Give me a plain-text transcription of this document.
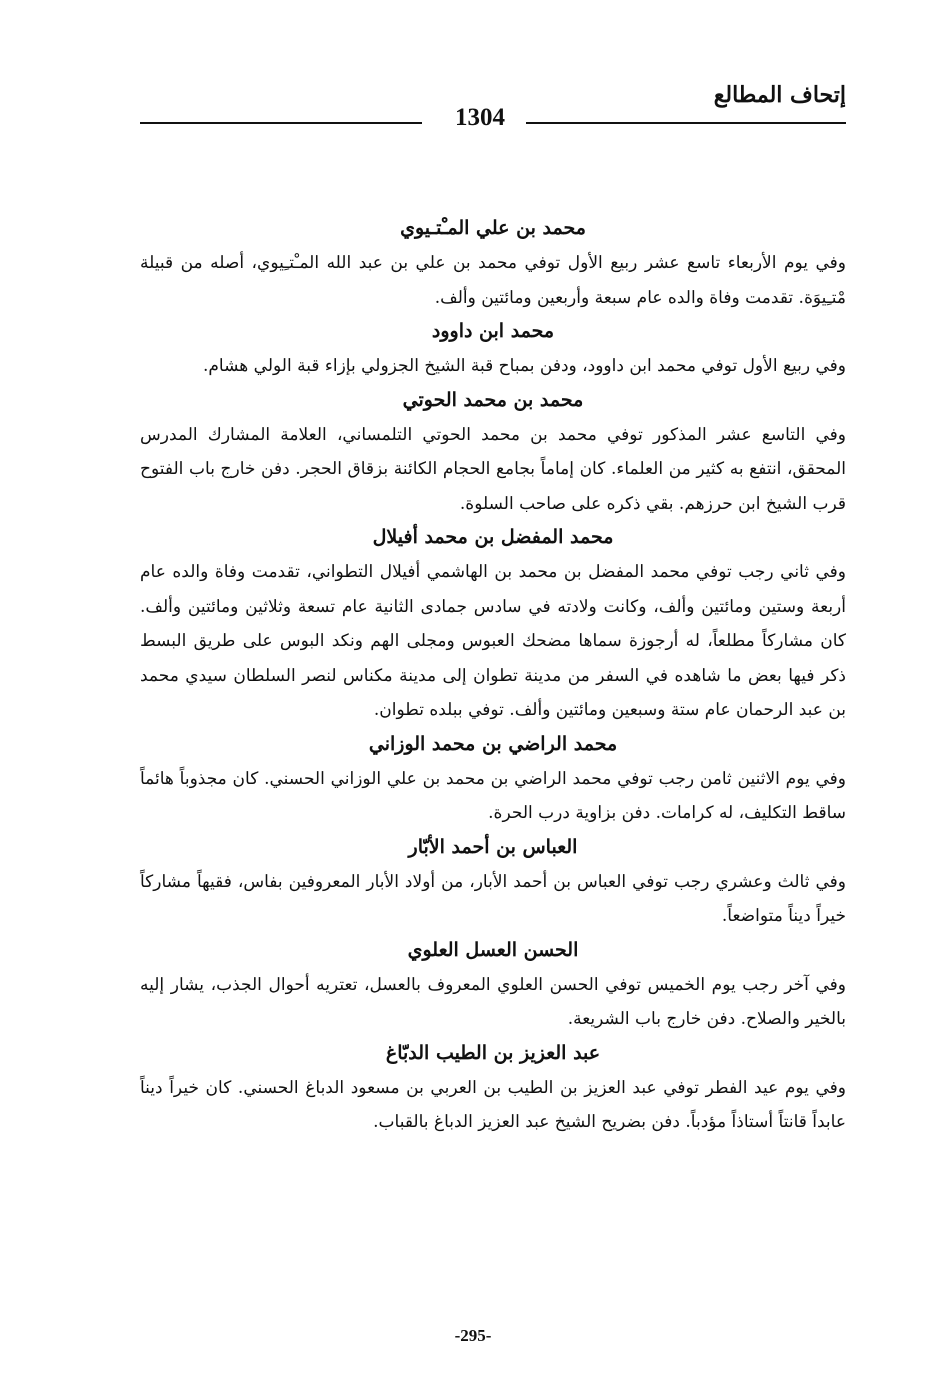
إتحاف المطالع
1304
محمد بن علي المـْتـيوي

وفي يوم الأربعاء تاسع عشر ربيع الأول توفي محمد بن علي بن عبد الله المـْتـِيوي، أصله من قبيلة مْتـِيوَة. تقدمت وفاة والده عام سبعة وأربعين ومائتين وألف.

محمد ابن داوود

وفي ربيع الأول توفي محمد ابن داوود، ودفن بمباح قبة الشيخ الجزولي بإزاء قبة الولي هشام.

محمد بن محمد الحوتي

وفي التاسع عشر المذكور توفي محمد بن محمد الحوتي التلمساني، العلامة المشارك المدرس المحقق، انتفع به كثير من العلماء. كان إماماً بجامع الحجام الكائنة بزقاق الحجر. دفن خارج باب الفتوح قرب الشيخ ابن حرزهم. بقي ذكره على صاحب السلوة.

محمد المفضل بن محمد أفيلال

وفي ثاني رجب توفي محمد المفضل بن محمد بن الهاشمي أفيلال التطواني، تقدمت وفاة والده عام أربعة وستين ومائتين وألف، وكانت ولادته في سادس جمادى الثانية عام تسعة وثلاثين ومائتين وألف. كان مشاركاً مطلعاً، له أرجوزة سماها مضحك العبوس ومجلى الهم ونكد البوس على طريق البسط ذكر فيها بعض ما شاهده في السفر من مدينة تطوان إلى مدينة مكناس لنصر السلطان سيدي محمد بن عبد الرحمان عام ستة وسبعين ومائتين وألف. توفي ببلده تطوان.

محمد الراضي بن محمد الوزاني

وفي يوم الاثنين ثامن رجب توفي محمد الراضي بن محمد بن علي الوزاني الحسني. كان مجذوباً هائماً ساقط التكليف، له كرامات. دفن بزاوية درب الحرة.

العباس بن أحمد الأبّار

وفي ثالث وعشري رجب توفي العباس بن أحمد الأبار، من أولاد الأبار المعروفين بفاس، فقيهاً مشاركاً خيراً ديناً متواضعاً.

الحسن العسل العلوي

وفي آخر رجب يوم الخميس توفي الحسن العلوي المعروف بالعسل، تعتريه أحوال الجذب، يشار إليه بالخير والصلاح. دفن خارج باب الشريعة.

عبد العزيز بن الطيب الدبّاغ

وفي يوم عيد الفطر توفي عبد العزيز بن الطيب بن العربي بن مسعود الدباغ الحسني. كان خيراً ديناً عابداً قانتاً أستاذاً مؤدباً. دفن بضريح الشيخ عبد العزيز الدباغ بالقباب.

-295-
